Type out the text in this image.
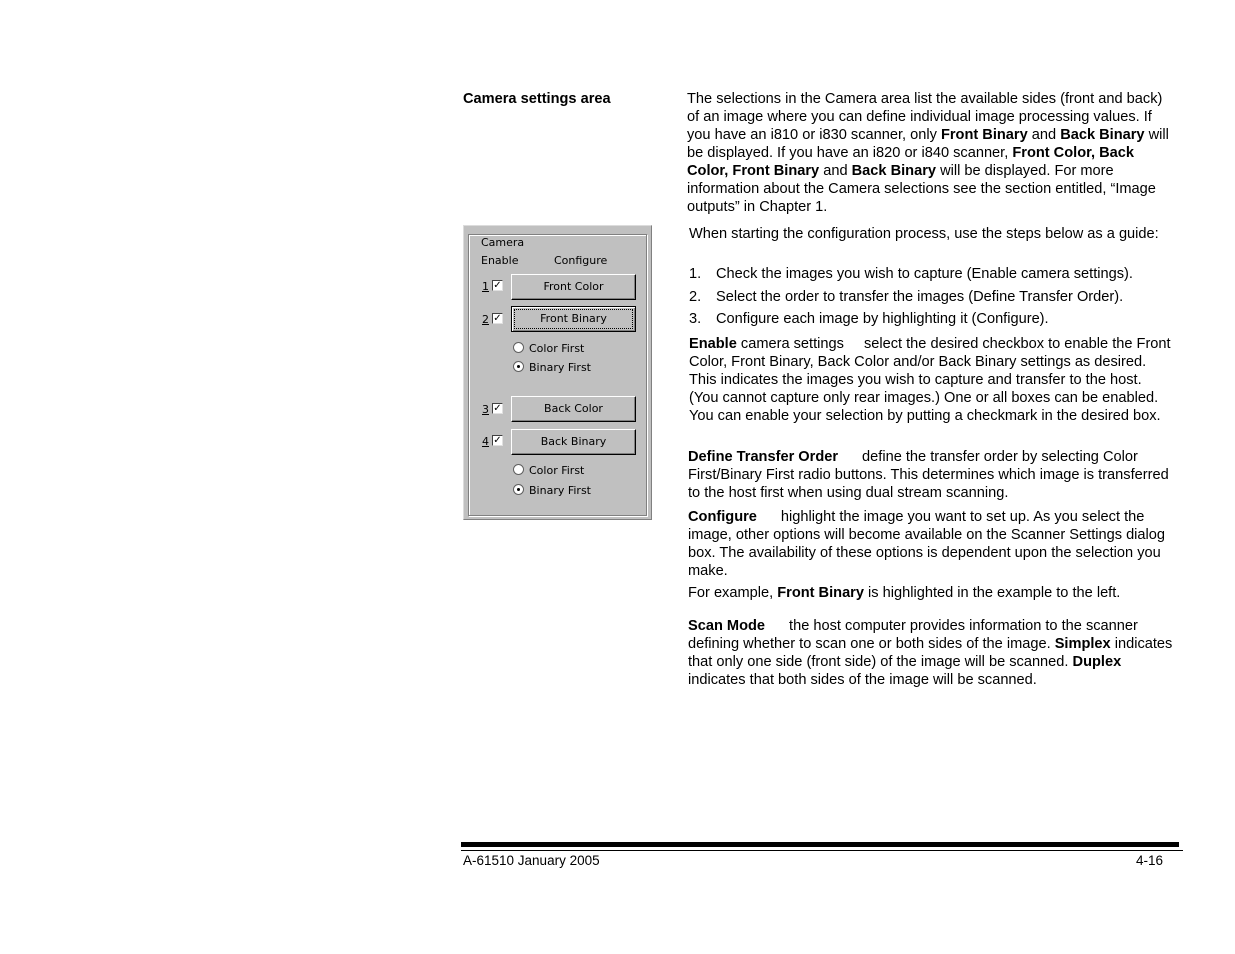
Camera settings area	The selections in the Camera area list the available sides (front and back) of an image where you can define individual image processing values. If you have an i810 or i830 scanner, only Front Binary and Back Binary will be displayed. If you have an i820 or i840 scanner, Front Color, Back Color, Front Binary and Back Binary will be displayed. For more information about the Camera selections see the section entitled, “Image outputs” in Chapter 1.
Camera
Enable	Configure
1 ✓	Front Color
2 ✓	Front Binary
Color First
Binary First
3 ✓	Back Color
4 ✓	Back Binary
Color First
Binary First
When starting the configuration process, use the steps below as a guide:
1. Check the images you wish to capture (Enable camera settings).
2. Select the order to transfer the images (Define Transfer Order).
3. Configure each image by highlighting it (Configure).
Enable camera settings select the desired checkbox to enable the Front Color, Front Binary, Back Color and/or Back Binary settings as desired. This indicates the images you wish to capture and transfer to the host. (You cannot capture only rear images.) One or all boxes can be enabled. You can enable your selection by putting a checkmark in the desired box.
Define Transfer Order define the transfer order by selecting Color First/Binary First radio buttons. This determines which image is transferred to the host first when using dual stream scanning.
Configure highlight the image you want to set up. As you select the image, other options will become available on the Scanner Settings dialog box. The availability of these options is dependent upon the selection you make.
For example, Front Binary is highlighted in the example to the left.
Scan Mode the host computer provides information to the scanner defining whether to scan one or both sides of the image. Simplex indicates that only one side (front side) of the image will be scanned. Duplex indicates that both sides of the image will be scanned.
A-61510 January 2005	4-16
